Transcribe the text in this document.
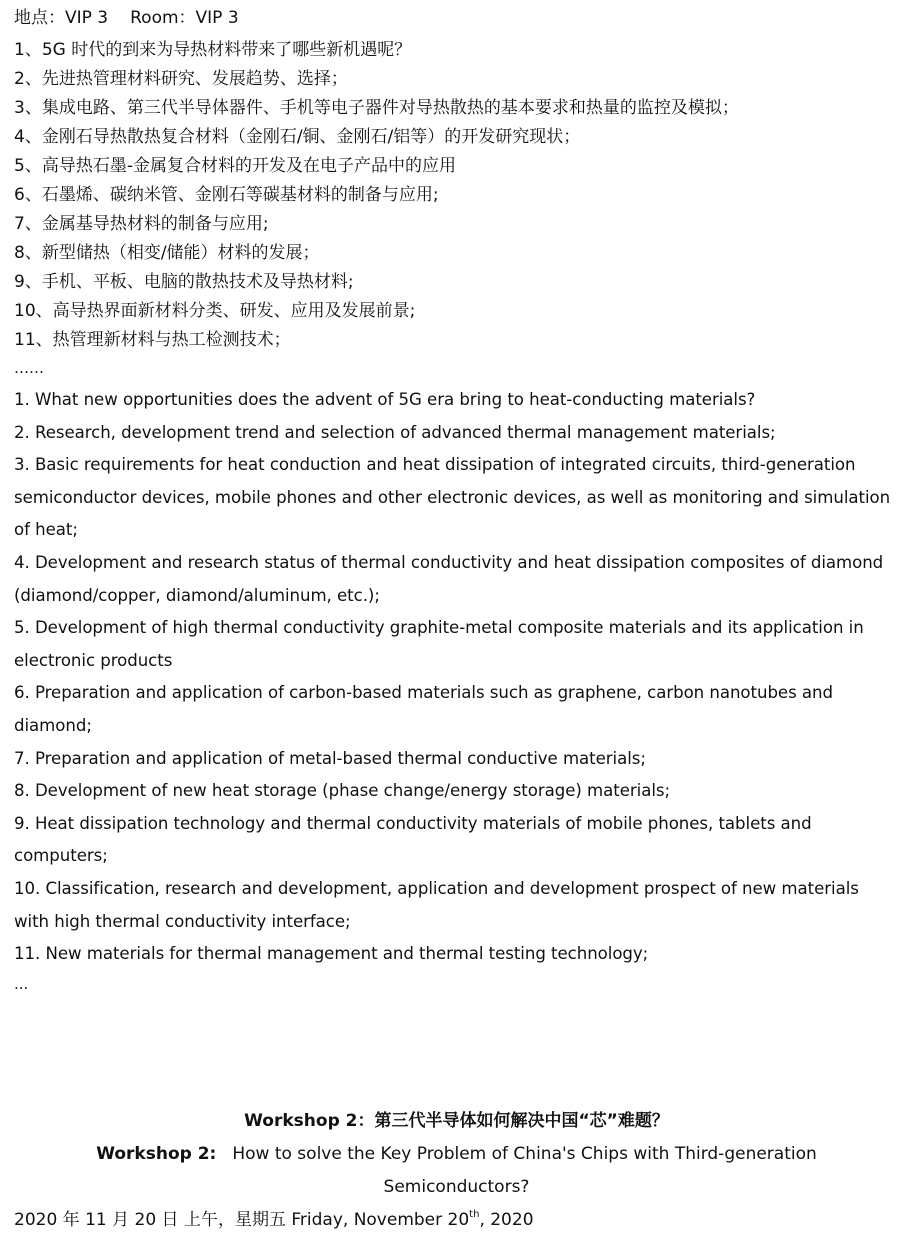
地点：VIP 3 Room：VIP 3
1、5G 时代的到来为导热材料带来了哪些新机遇呢？
2、先进热管理材料研究、发展趋势、选择；
3、集成电路、第三代半导体器件、手机等电子器件对导热散热的基本要求和热量的监控及模拟；
4、金刚石导热散热复合材料（金刚石/铜、金刚石/铝等）的开发研究现状；
5、高导热石墨-金属复合材料的开发及在电子产品中的应用
6、石墨烯、碳纳米管、金刚石等碳基材料的制备与应用;
7、金属基导热材料的制备与应用;
8、新型储热（相变/储能）材料的发展；
9、手机、平板、电脑的散热技术及导热材料;
10、高导热界面新材料分类、研发、应用及发展前景;
11、热管理新材料与热工检测技术；
……
1. What new opportunities does the advent of 5G era bring to heat-conducting materials?
2. Research, development trend and selection of advanced thermal management materials;
3. Basic requirements for heat conduction and heat dissipation of integrated circuits, third-generation semiconductor devices, mobile phones and other electronic devices, as well as monitoring and simulation of heat;
4. Development and research status of thermal conductivity and heat dissipation composites of diamond (diamond/copper, diamond/aluminum, etc.);
5. Development of high thermal conductivity graphite-metal composite materials and its application in electronic products
6. Preparation and application of carbon-based materials such as graphene, carbon nanotubes and diamond;
7. Preparation and application of metal-based thermal conductive materials;
8. Development of new heat storage (phase change/energy storage) materials;
9. Heat dissipation technology and thermal conductivity materials of mobile phones, tablets and computers;
10. Classification, research and development, application and development prospect of new materials with high thermal conductivity interface;
11. New materials for thermal management and thermal testing technology;
...
Workshop 2：第三代半导体如何解决中国“芯”难题？
Workshop 2: How to solve the Key Problem of China's Chips with Third-generation Semiconductors?
2020 年 11 月 20 日 上午，星期五 Friday, November 20th, 2020
